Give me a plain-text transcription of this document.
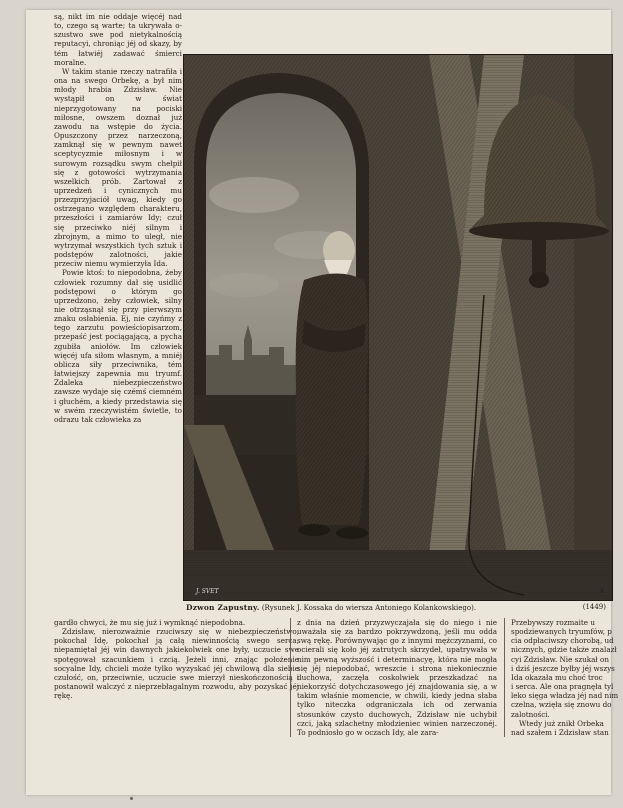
są, nikt im nie oddaje więcéj nad to, czego są warte; ta ukrywała o-szustwo swe pod nietykalnością reputacyi, chroniąc jéj od skazy, by tém łatwiéj zadawać śmierci moralne.

W takim stanie rzeczy natrafiła i ona na swego Orbekę, a był nim młody hrabia Zdzisław. Nie wystąpił on w świat nieprzygotowany na pociski miłosne, owszem doznał już zawodu na wstępie do życia. Opuszczony przez narzeczoną, zamknął się w pewnym nawet sceptycyzmie miłosnym i w surowym rozsądku swym chełpił się z gotowości wytrzymania wszelkich prób. Zartował z uprzedzeń i cynicznych mu przezprzyjaciół uwag, kiedy go ostrzegano względem charakteru, przeszłości i zamiarów Idy; czuł się przeciwko niéj silnym i zbrojnym, a mimo to uległ, nie wytrzymał wszystkich tych sztuk i podstępów zalotności, jakie przeciw niemu wymierzyła Ida.

Powie ktoś: to niepodobna, żeby człowiek rozumny dał się usidlić podstępowi o którym go uprzedzono, żeby człowiek, silny nie otrząsnął się przy pierwszym znaku osłabienia. Ej, nie czyńmy z tego zarzutu powieściopisarzom, przepaść jest pociągającą, a pycha zgubiła aniołów. Im człowiek więcéj ufa siłom własnym, a mniéj oblicza siły przeciwnika, tém łatwiejszy zapewnia mu tryumf. Zdaleka niebezpieczeństwo zawsze wydaje się czémś ciemném i głuchém, a kiedy przedstawia się w swém rzeczywistém świetle, to odrazu tak człowieka za

J. SVET	K
Dzwon Zapustny. (Rysunek J. Kossaka do wiersza Antoniego Kolankowskiego).	(1449)

gardło chwyci, że mu się już i wymknąć niepodobna.

Zdzisław, nierozważnie rzuciwszy się w niebezpieczeństwo, pokochał Idę, pokochał ją całą niewinnością swego serca, niepamiętał jéj win dawnych jakiekolwiek one były, uczucie swe spotęgował szacunkiem i czcią. Jeżeli inni, znając położenie socyalne Idy, chcieli może tylko wyzyskać jéj chwilową dla siebie czułość, on, przeciwnie, uczucie swe mierzył nieskończonością i postanowił walczyć z nieprzebłagalnym rozwodu, aby pozyskać jéj rękę.

z dnia na dzień przyzwyczajała się do niego i nie uważała się za bardzo pokrzywdzoną, jeśli mu odda swą rękę. Porównywając go z innymi mężczyznami, co ocierali się koło jéj zatrutych skrzydeł, upatrywała w nim pewną wyższość i determinacyę, która nie mogła się jéj niepodobać, wreszcie i strona niekoniecznie duchowa, zaczęła coskolwiek przeszkadzać na niekorzyść dotychczasowego jéj znajdowania się, a w takim właśnie momencie, w chwili, kiedy jedna słaba tylko niteczka odgraniczała ich od zerwania stosunków czysto duchowych, Zdzisław nie uchybił czci, jaką szlachetny młodzieniec winien narzeczonéj. To podniosło go w oczach Idy, ale zara-

Przebywszy rozmaite u

spodziewanych tryumfów, p

cia odpłaciwszy chorobą, ud

nicznych, gdzie także znalazł

cyi Zdzisław. Nie szukał on

i dziś jeszcze byłby jéj wszys

Ida okazała mu choć troc

i serca. Ale ona pragnęła tyl

leko sięga władza jéj nad nim

czelna, wzięła się znowu do

zalotności.

Wtedy już znikł Orbeka

nad szałem i Zdzisław stan
